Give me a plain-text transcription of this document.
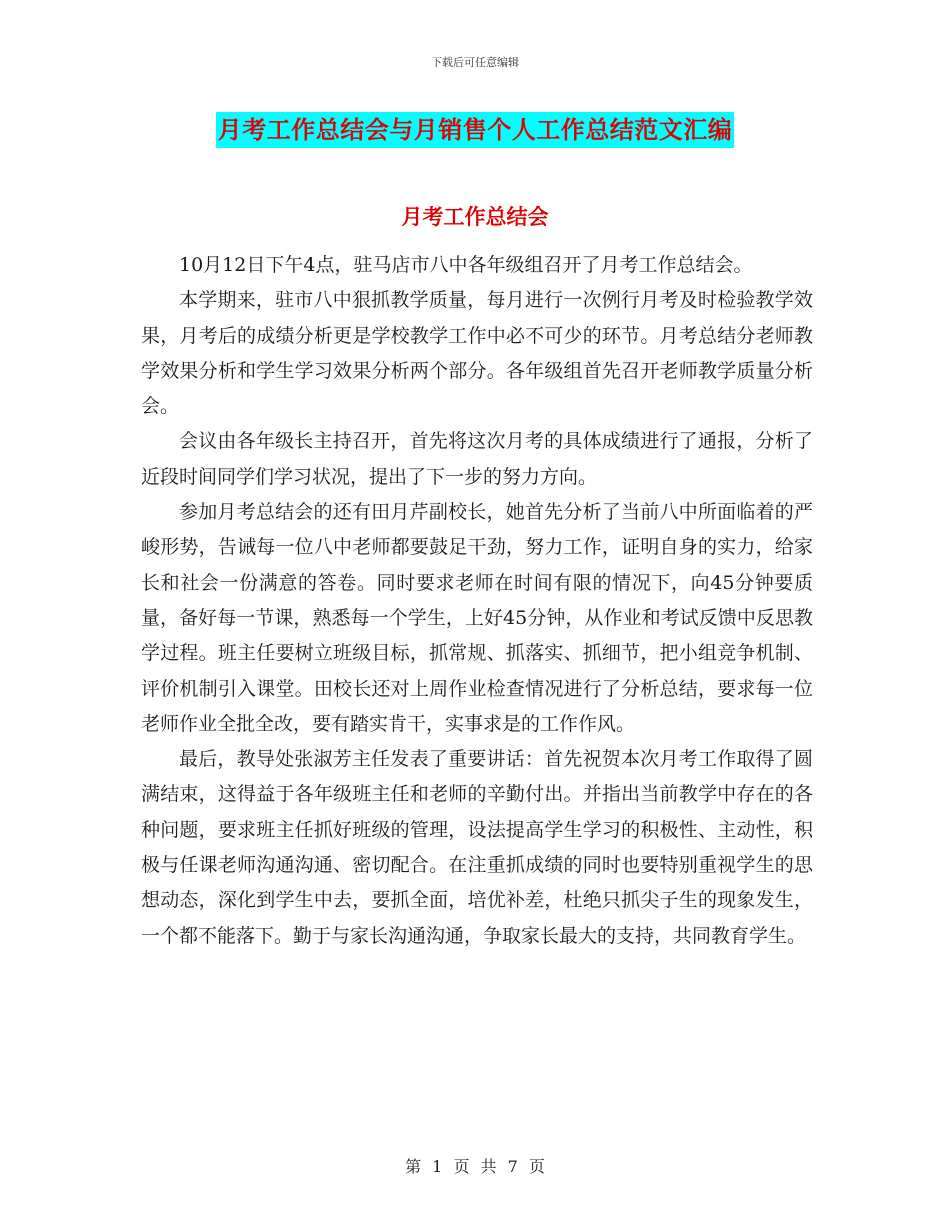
下载后可任意编辑
月考工作总结会与月销售个人工作总结范文汇编
月考工作总结会

10月12日下午4点，驻马店市八中各年级组召开了月考工作总结会。

本学期来，驻市八中狠抓教学质量，每月进行一次例行月考及时检验教学效果，月考后的成绩分析更是学校教学工作中必不可少的环节。月考总结分老师教学效果分析和学生学习效果分析两个部分。各年级组首先召开老师教学质量分析会。

会议由各年级长主持召开，首先将这次月考的具体成绩进行了通报，分析了近段时间同学们学习状况，提出了下一步的努力方向。

参加月考总结会的还有田月芹副校长，她首先分析了当前八中所面临着的严峻形势，告诫每一位八中老师都要鼓足干劲，努力工作，证明自身的实力，给家长和社会一份满意的答卷。同时要求老师在时间有限的情况下，向45分钟要质量，备好每一节课，熟悉每一个学生，上好45分钟，从作业和考试反馈中反思教学过程。班主任要树立班级目标，抓常规、抓落实、抓细节，把小组竞争机制、评价机制引入课堂。田校长还对上周作业检查情况进行了分析总结，要求每一位老师作业全批全改，要有踏实肯干，实事求是的工作作风。

最后，教导处张淑芳主任发表了重要讲话：首先祝贺本次月考工作取得了圆满结束，这得益于各年级班主任和老师的辛勤付出。并指出当前教学中存在的各种问题，要求班主任抓好班级的管理，设法提高学生学习的积极性、主动性，积极与任课老师沟通沟通、密切配合。在注重抓成绩的同时也要特别重视学生的思想动态，深化到学生中去，要抓全面，培优补差，杜绝只抓尖子生的现象发生，一个都不能落下。勤于与家长沟通沟通，争取家长最大的支持，共同教育学生。

第 1 页 共 7 页
